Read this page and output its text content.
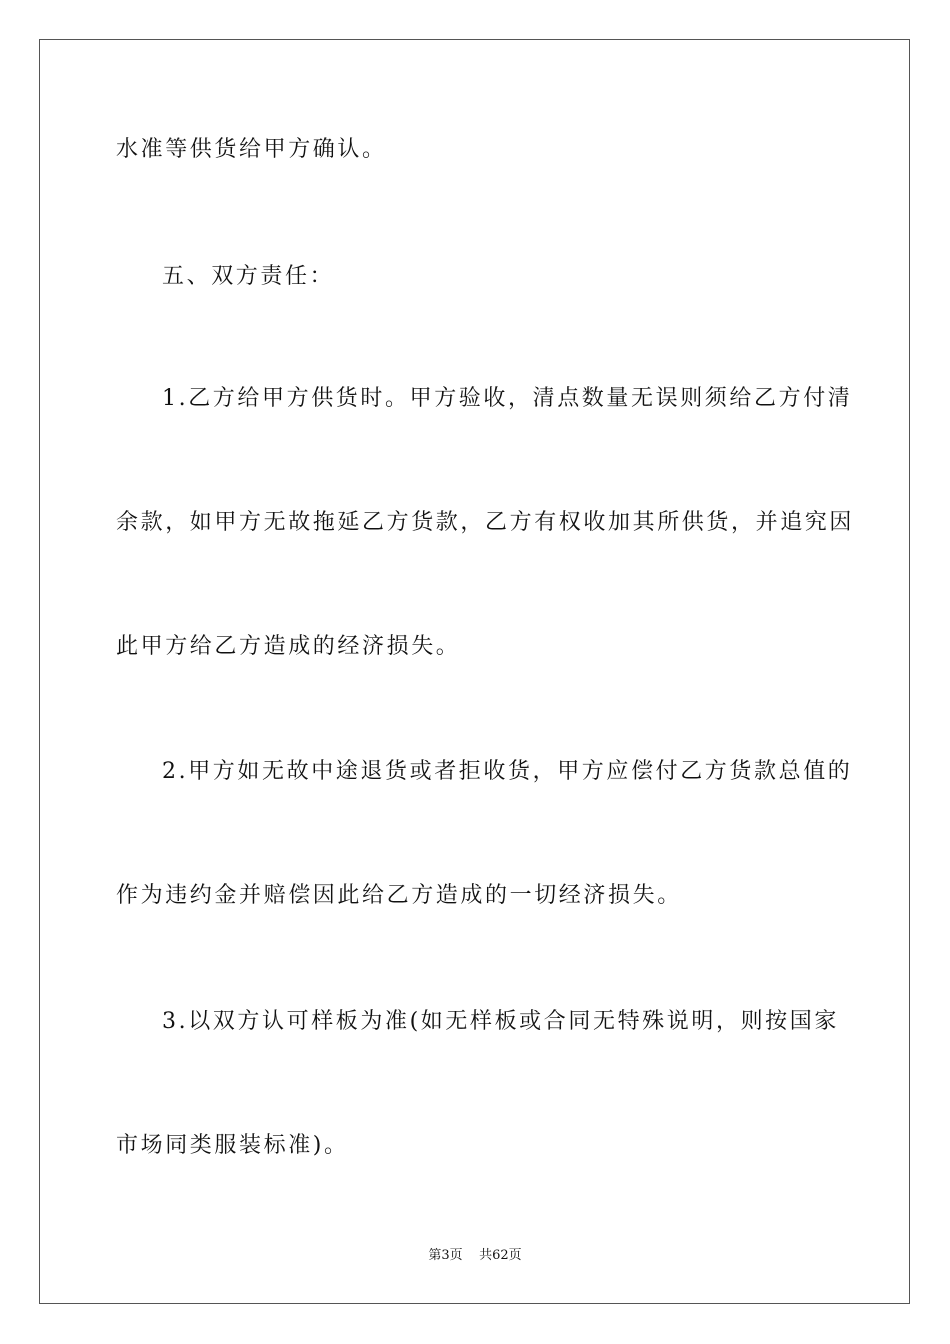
水准等供货给甲方确认。
五、双方责任：
1.乙方给甲方供货时。甲方验收，清点数量无误则须给乙方付清
余款，如甲方无故拖延乙方货款，乙方有权收加其所供货，并追究因
此甲方给乙方造成的经济损失。
2.甲方如无故中途退货或者拒收货，甲方应偿付乙方货款总值的
作为违约金并赔偿因此给乙方造成的一切经济损失。
3.以双方认可样板为准(如无样板或合同无特殊说明，则按国家
市场同类服装标准)。
第3页    共62页
